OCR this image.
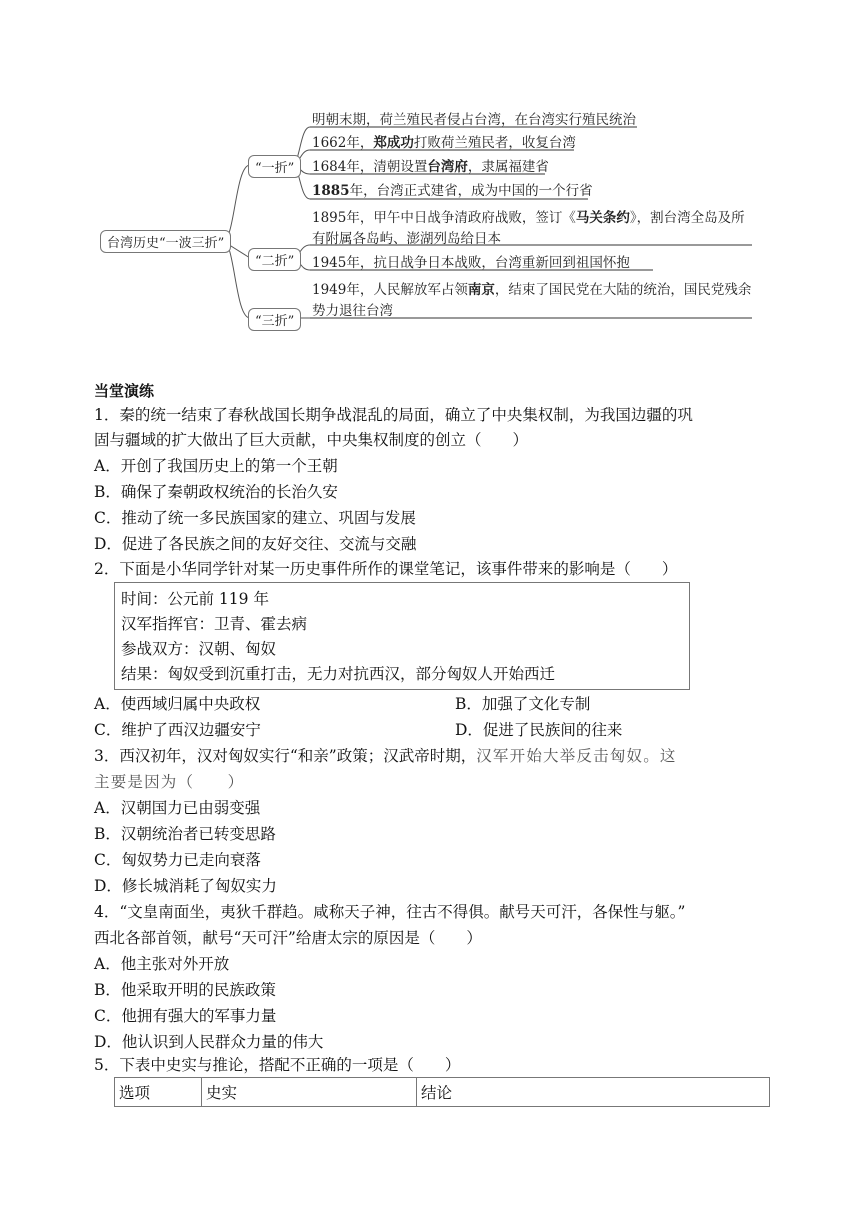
台湾历史“一波三折”
“一折”
“二折”
“三折”
明朝末期，荷兰殖民者侵占台湾，在台湾实行殖民统治
1662年，郑成功打败荷兰殖民者，收复台湾
1684年，清朝设置台湾府，隶属福建省
1885年，台湾正式建省，成为中国的一个行省
1895年，甲午中日战争清政府战败，签订《马关条约》，割台湾全岛及所
有附属各岛屿、澎湖列岛给日本
1945年，抗日战争日本战败，台湾重新回到祖国怀抱
1949年，人民解放军占领南京，结束了国民党在大陆的统治，国民党残余
势力退往台湾
当堂演练
1．秦的统一结束了春秋战国长期争战混乱的局面，确立了中央集权制，为我国边疆的巩
固与疆域的扩大做出了巨大贡献，中央集权制度的创立（　　）
A．开创了我国历史上的第一个王朝
B．确保了秦朝政权统治的长治久安
C．推动了统一多民族国家的建立、巩固与发展
D．促进了各民族之间的友好交往、交流与交融
2．下面是小华同学针对某一历史事件所作的课堂笔记，该事件带来的影响是（　　）
时间：公元前 119 年
汉军指挥官：卫青、霍去病
参战双方：汉朝、匈奴
结果：匈奴受到沉重打击，无力对抗西汉，部分匈奴人开始西迁
A．使西域归属中央政权	B．加强了文化专制
C．维护了西汉边疆安宁	D．促进了民族间的往来
3．西汉初年，汉对匈奴实行“和亲”政策；汉武帝时期，汉军开始大举反击匈奴。这
主要是因为（　　）
A．汉朝国力已由弱变强
B．汉朝统治者已转变思路
C．匈奴势力已走向衰落
D．修长城消耗了匈奴实力
4．“文皇南面坐，夷狄千群趋。咸称天子神，往古不得俱。献号天可汗，各保性与躯。”
西北各部首领，献号“天可汗”给唐太宗的原因是（　　）
A．他主张对外开放
B．他采取开明的民族政策
C．他拥有强大的军事力量
D．他认识到人民群众力量的伟大
5．下表中史实与推论，搭配不正确的一项是（　　）
选项	史实	结论
